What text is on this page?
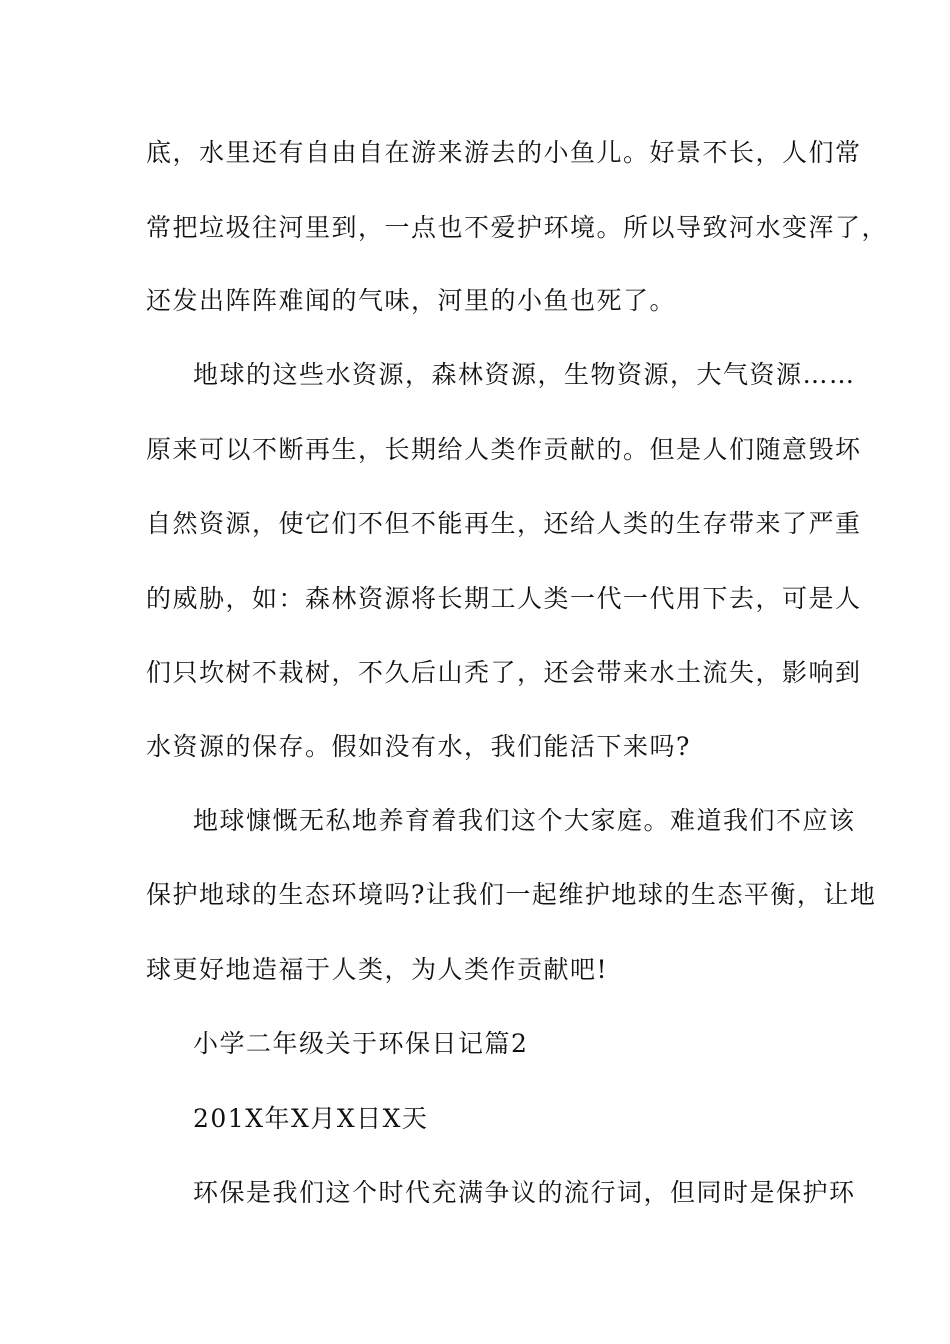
底，水里还有自由自在游来游去的小鱼儿。好景不长，人们常
常把垃圾往河里到，一点也不爱护环境。所以导致河水变浑了，
还发出阵阵难闻的气味，河里的小鱼也死了。
地球的这些水资源，森林资源，生物资源，大气资源……
原来可以不断再生，长期给人类作贡献的。但是人们随意毁坏
自然资源，使它们不但不能再生，还给人类的生存带来了严重
的威胁，如：森林资源将长期工人类一代一代用下去，可是人
们只坎树不栽树，不久后山秃了，还会带来水土流失，影响到
水资源的保存。假如没有水，我们能活下来吗?
地球慷慨无私地养育着我们这个大家庭。难道我们不应该
保护地球的生态环境吗?让我们一起维护地球的生态平衡，让地
球更好地造福于人类，为人类作贡献吧!
小学二年级关于环保日记篇2
201X年X月X日X天
环保是我们这个时代充满争议的流行词，但同时是保护环
